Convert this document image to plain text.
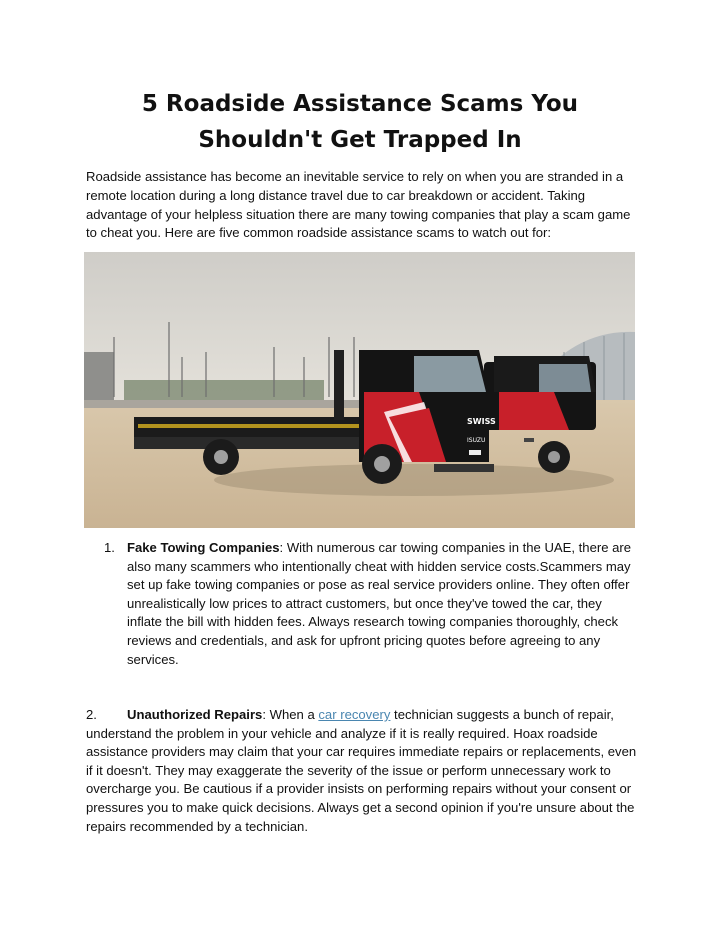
5 Roadside Assistance Scams You
Shouldn't Get Trapped In

Roadside assistance has become an inevitable service to rely on when you are stranded in a remote location during a long distance travel due to car breakdown or accident. Taking advantage of your helpless situation there are many towing companies that play a scam game to cheat you. Here are five common roadside assistance scams to watch out for:

SWISS
ISUZU
1. Fake Towing Companies: With numerous car towing companies in the UAE, there are also many scammers who intentionally cheat with hidden service costs.Scammers may set up fake towing companies or pose as real service providers online. They often offer unrealistically low prices to attract customers, but once they've towed the car, they inflate the bill with hidden fees. Always research towing companies thoroughly, check reviews and credentials, and ask for upfront pricing quotes before agreeing to any services.

2. Unauthorized Repairs: When a car recovery technician suggests a bunch of repair, understand the problem in your vehicle and analyze if it is really required. Hoax roadside assistance providers may claim that your car requires immediate repairs or replacements, even if it doesn't. They may exaggerate the severity of the issue or perform unnecessary work to overcharge you. Be cautious if a provider insists on performing repairs without your consent or pressures you to make quick decisions. Always get a second opinion if you're unsure about the repairs recommended by a technician.
